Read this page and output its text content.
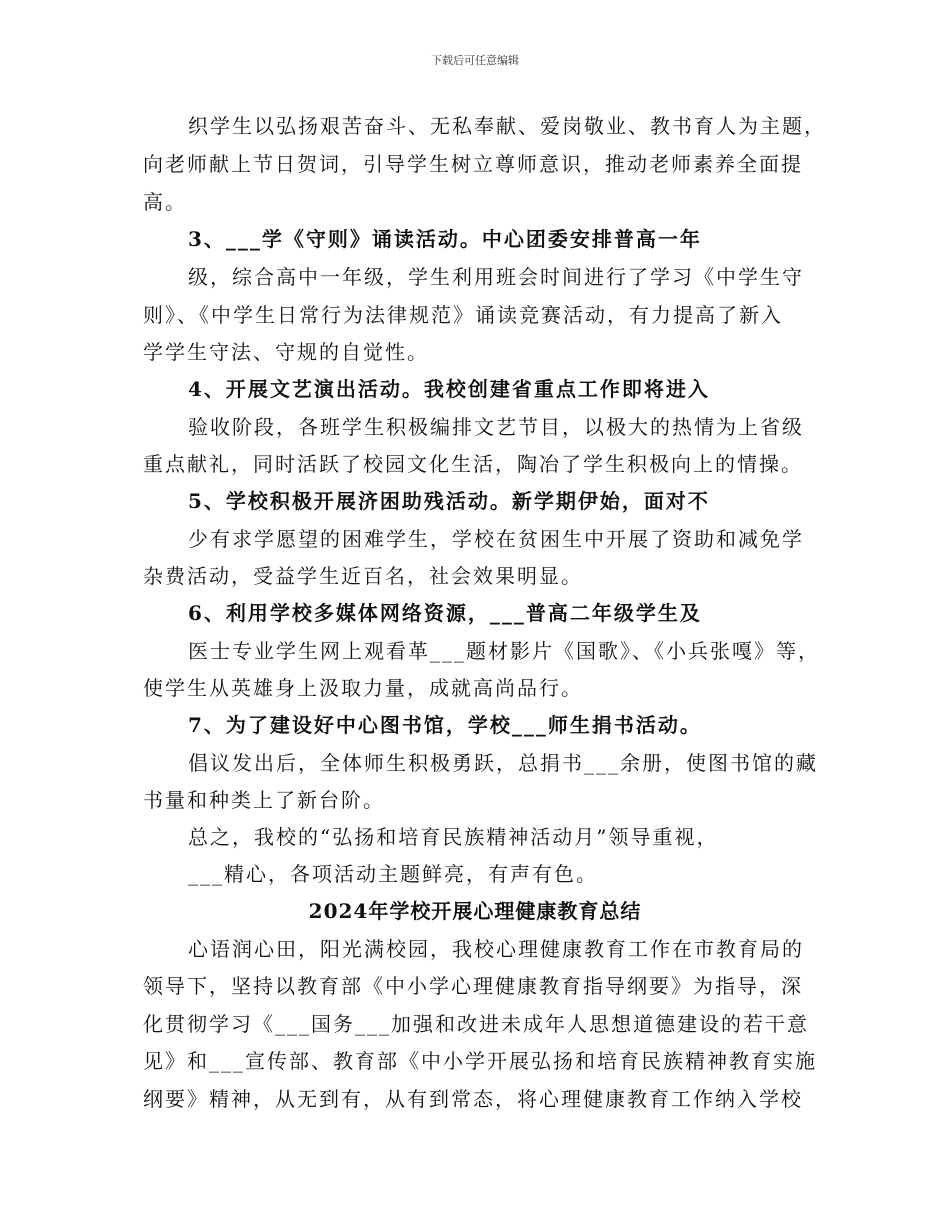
下载后可任意编辑
织学生以弘扬艰苦奋斗、无私奉献、爱岗敬业、教书育人为主题，
向老师献上节日贺词，引导学生树立尊师意识，推动老师素养全面提
高。
3、___学《守则》诵读活动。中心团委安排普高一年
级，综合高中一年级，学生利用班会时间进行了学习《中学生守
则》、《中学生日常行为法律规范》诵读竞赛活动，有力提高了新入
学学生守法、守规的自觉性。
4、开展文艺演出活动。我校创建省重点工作即将进入
验收阶段，各班学生积极编排文艺节目，以极大的热情为上省级
重点献礼，同时活跃了校园文化生活，陶冶了学生积极向上的情操。
5、学校积极开展济困助残活动。新学期伊始，面对不
少有求学愿望的困难学生，学校在贫困生中开展了资助和减免学
杂费活动，受益学生近百名，社会效果明显。
6、利用学校多媒体网络资源，___普高二年级学生及
医士专业学生网上观看革___题材影片《国歌》、《小兵张嘎》等，
使学生从英雄身上汲取力量，成就高尚品行。
7、为了建设好中心图书馆，学校___师生捐书活动。
倡议发出后，全体师生积极勇跃，总捐书___余册，使图书馆的藏
书量和种类上了新台阶。
总之，我校的“弘扬和培育民族精神活动月”领导重视，
___精心，各项活动主题鲜亮，有声有色。
2024年学校开展心理健康教育总结
心语润心田，阳光满校园，我校心理健康教育工作在市教育局的
领导下，坚持以教育部《中小学心理健康教育指导纲要》为指导，深
化贯彻学习《___国务___加强和改进未成年人思想道德建设的若干意
见》和___宣传部、教育部《中小学开展弘扬和培育民族精神教育实施
纲要》精神，从无到有，从有到常态，将心理健康教育工作纳入学校
